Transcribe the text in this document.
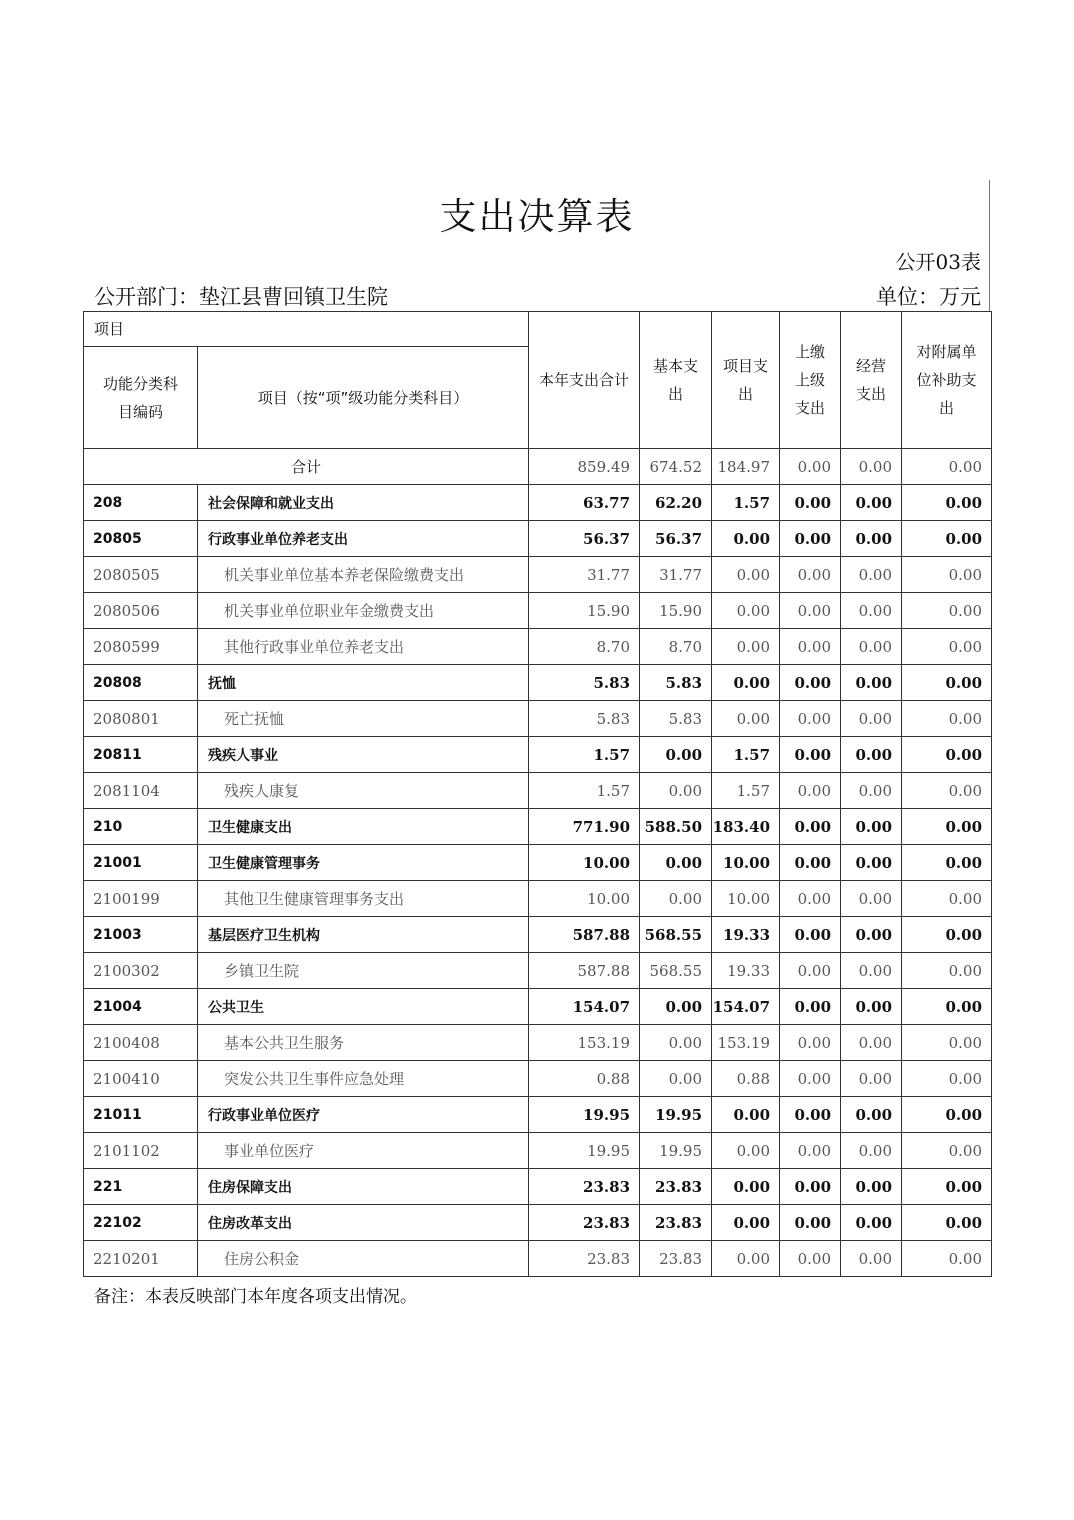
支出决算表
公开03表
公开部门：垫江县曹回镇卫生院	单位：万元
项目		本年支出合计	基本支出	项目支出	上缴上级支出	经营支出	对附属单位补助支出

功能分类科目编码	项目（按“项”级功能分类科目）						
合计		859.49	674.52	184.97	0.00	0.00	0.00
208	社会保障和就业支出	63.77	62.20	1.57	0.00	0.00	0.00
20805	行政事业单位养老支出	56.37	56.37	0.00	0.00	0.00	0.00
2080505	机关事业单位基本养老保险缴费支出	31.77	31.77	0.00	0.00	0.00	0.00
2080506	机关事业单位职业年金缴费支出	15.90	15.90	0.00	0.00	0.00	0.00
2080599	其他行政事业单位养老支出	8.70	8.70	0.00	0.00	0.00	0.00
20808	抚恤	5.83	5.83	0.00	0.00	0.00	0.00
2080801	死亡抚恤	5.83	5.83	0.00	0.00	0.00	0.00
20811	残疾人事业	1.57	0.00	1.57	0.00	0.00	0.00
2081104	残疾人康复	1.57	0.00	1.57	0.00	0.00	0.00
210	卫生健康支出	771.90	588.50	183.40	0.00	0.00	0.00
21001	卫生健康管理事务	10.00	0.00	10.00	0.00	0.00	0.00
2100199	其他卫生健康管理事务支出	10.00	0.00	10.00	0.00	0.00	0.00
21003	基层医疗卫生机构	587.88	568.55	19.33	0.00	0.00	0.00
2100302	乡镇卫生院	587.88	568.55	19.33	0.00	0.00	0.00
21004	公共卫生	154.07	0.00	154.07	0.00	0.00	0.00
2100408	基本公共卫生服务	153.19	0.00	153.19	0.00	0.00	0.00
2100410	突发公共卫生事件应急处理	0.88	0.00	0.88	0.00	0.00	0.00
21011	行政事业单位医疗	19.95	19.95	0.00	0.00	0.00	0.00
2101102	事业单位医疗	19.95	19.95	0.00	0.00	0.00	0.00
221	住房保障支出	23.83	23.83	0.00	0.00	0.00	0.00
22102	住房改革支出	23.83	23.83	0.00	0.00	0.00	0.00
2210201	住房公积金	23.83	23.83	0.00	0.00	0.00	0.00
备注：本表反映部门本年度各项支出情况。
